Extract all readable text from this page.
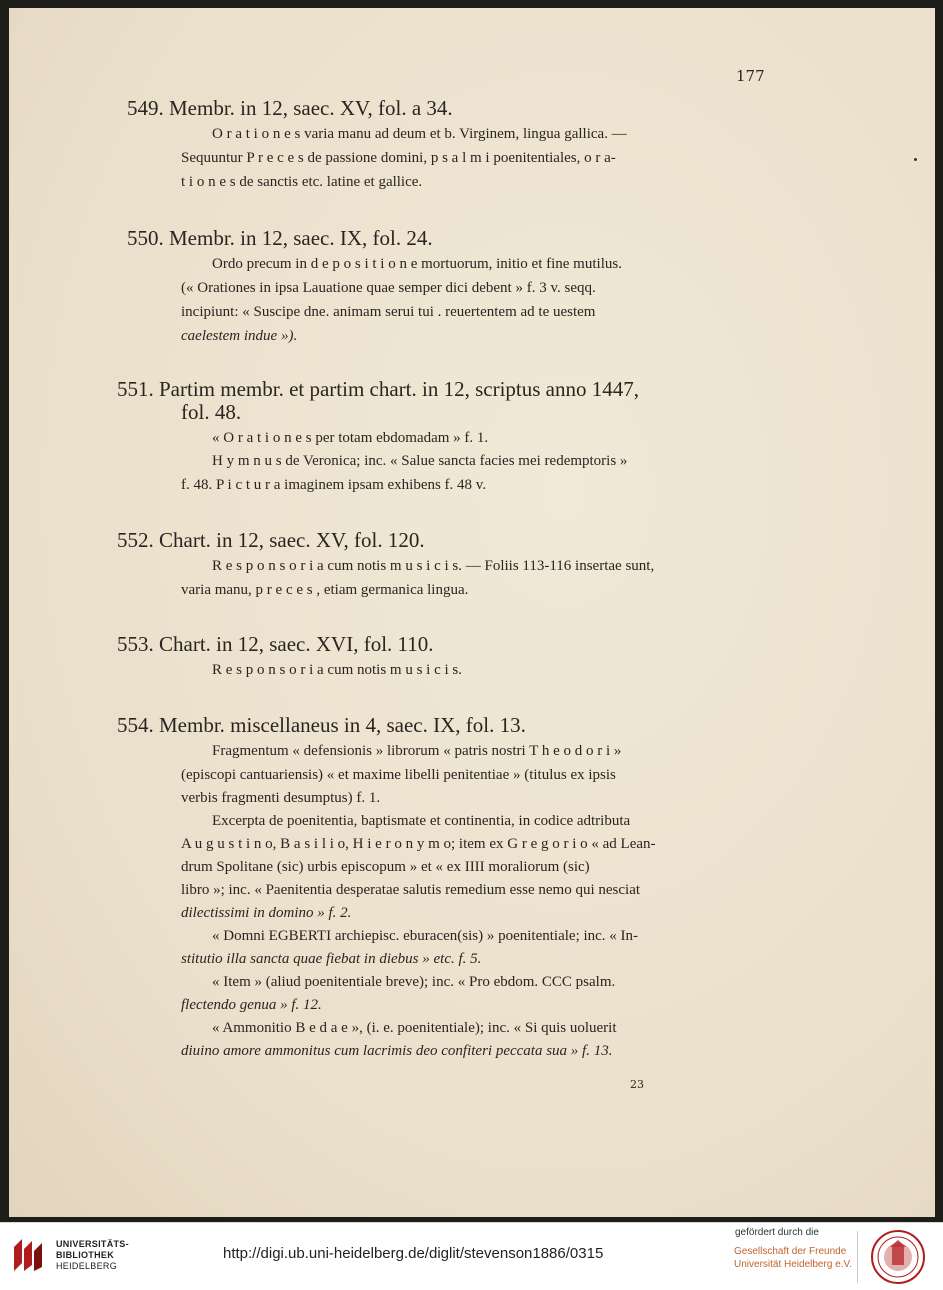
177
549. Membr. in 12, saec. XV, fol. a 34.
O r a t i o n e s varia manu ad deum et b. Virginem, lingua gallica. —
Sequuntur P r e c e s de passione domini, p s a l m i poenitentiales, o r a-
t i o n e s de sanctis etc. latine et gallice.
550. Membr. in 12, saec. IX, fol. 24.
Ordo precum in d e p o s i t i o n e mortuorum, initio et fine mutilus.
(« Orationes in ipsa Lauatione quae semper dici debent » f. 3 v. seqq.
incipiunt: « Suscipe dne. animam serui tui . reuertentem ad te uestem
caelestem indue »).
551. Partim membr. et partim chart. in 12, scriptus anno 1447,
fol. 48.
« O r a t i o n e s per totam ebdomadam » f. 1.
H y m n u s de Veronica; inc. « Salue sancta facies mei redemptoris »
f. 48. P i c t u r a imaginem ipsam exhibens f. 48 v.
552. Chart. in 12, saec. XV, fol. 120.
R e s p o n s o r i a cum notis m u s i c i s. — Foliis 113-116 insertae sunt,
varia manu, p r e c e s , etiam germanica lingua.
553. Chart. in 12, saec. XVI, fol. 110.
R e s p o n s o r i a cum notis m u s i c i s.
554. Membr. miscellaneus in 4, saec. IX, fol. 13.
Fragmentum « defensionis » librorum « patris nostri T h e o d o r i »
(episcopi cantuariensis) « et maxime libelli penitentiae » (titulus ex ipsis
verbis fragmenti desumptus) f. 1.
Excerpta de poenitentia, baptismate et continentia, in codice adtributa
A u g u s t i n o, B a s i l i o, H i e r o n y m o; item ex G r e g o r i o « ad Lean-
drum Spolitane (sic) urbis episcopum » et « ex IIII moraliorum (sic)
libro »; inc. « Paenitentia desperatae salutis remedium esse nemo qui nesciat
dilectissimi in domino » f. 2.
« Domni EGBERTI archiepisc. eburacen(sis) » poenitentiale; inc. « In-
stitutio illa sancta quae fiebat in diebus » etc. f. 5.
« Item » (aliud poenitentiale breve); inc. « Pro ebdom. CCC psalm.
flectendo genua » f. 12.
« Ammonitio B e d a e », (i. e. poenitentiale); inc. « Si quis uoluerit
diuino amore ammonitus cum lacrimis deo confiteri peccata sua » f. 13.
23
UNIVERSITÄTS-
BIBLIOTHEK
HEIDELBERG
http://digi.ub.uni-heidelberg.de/diglit/stevenson1886/0315
gefördert durch die
Gesellschaft der Freunde
Universität Heidelberg e.V.
